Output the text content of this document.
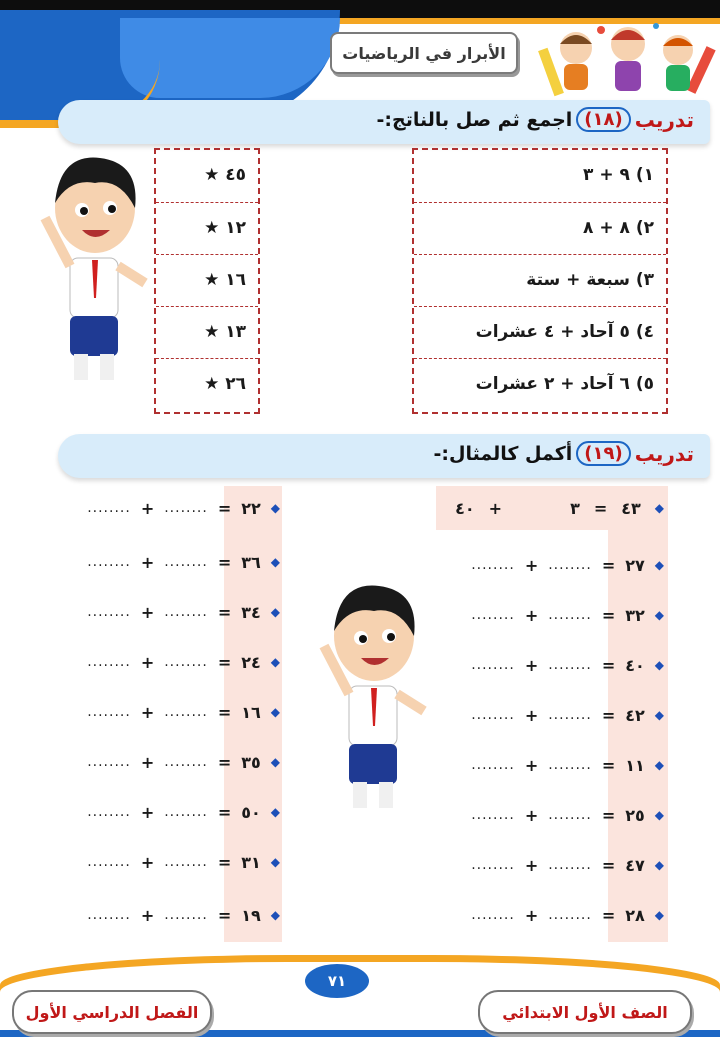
الأبرار في الرياضيات
تدريب
(١٨)
اجمع ثم صل بالناتج:-
١) ٩ + ٣
٢) ٨ + ٨
٣) سبعة + ستة
٤) ٥ آحاد + ٤ عشرات
٥) ٦ آحاد + ٢ عشرات
٤٥ ★
١٢ ★
١٦ ★
١٣ ★
٢٦ ★
تدريب
(١٩)
أكمل كالمثال:-
◆
٤٣
=
٣
+
٤٠
◆
٢٧
=
........
+
........
◆
٣٢
=
........
+
........
◆
٤٠
=
........
+
........
◆
٤٢
=
........
+
........
◆
١١
=
........
+
........
◆
٢٥
=
........
+
........
◆
٤٧
=
........
+
........
◆
٢٨
=
........
+
........
◆
٢٢
=
........
+
........
◆
٣٦
=
........
+
........
◆
٣٤
=
........
+
........
◆
٢٤
=
........
+
........
◆
١٦
=
........
+
........
◆
٣٥
=
........
+
........
◆
٥٠
=
........
+
........
◆
٣١
=
........
+
........
◆
١٩
=
........
+
........
٧١
الصف الأول الابتدائي
الفصل الدراسي الأول
